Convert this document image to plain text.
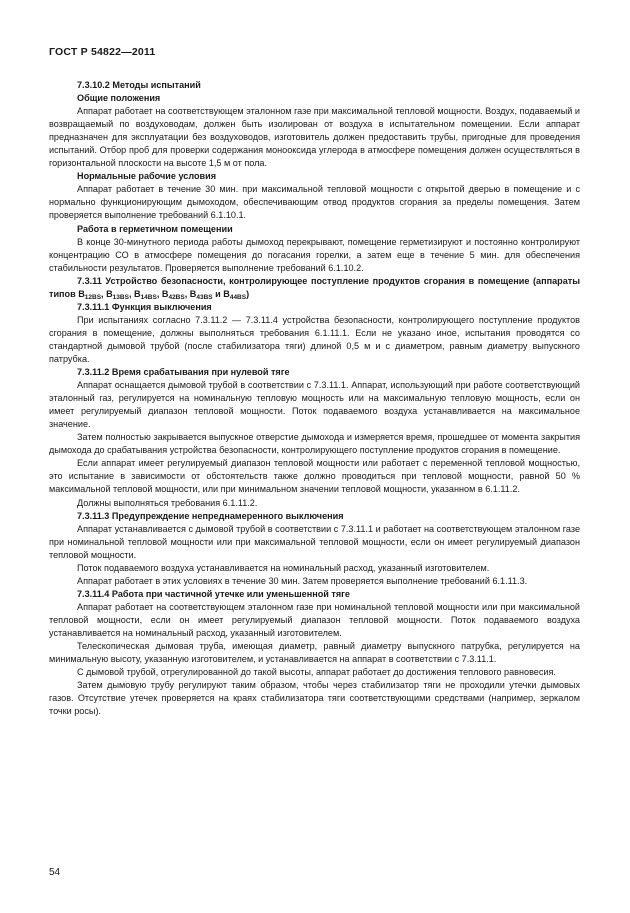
ГОСТ Р 54822—2011

7.3.10.2 Методы испытаний

Общие положения

Аппарат работает на соответствующем эталонном газе при максимальной тепловой мощности. Воздух, подаваемый и возвращаемый по воздуховодам, должен быть изолирован от воздуха в испытательном помещении. Если аппарат предназначен для эксплуатации без воздуховодов, изготовитель должен предоставить трубы, пригодные для проведения испытаний. Отбор проб для проверки содержания моноокcида углерода в атмосфере помещения должен осуществляться в горизонтальной плоскости на высоте 1,5 м от пола.

Нормальные рабочие условия

Аппарат работает в течение 30 мин. при максимальной тепловой мощности с открытой дверью в помещение и с нормально функционирующим дымоходом, обеспечивающим отвод продуктов сгорания за пределы помещения. Затем проверяется выполнение требований 6.1.10.1.

Работа в герметичном помещении

В конце 30-минутного периода работы дымоход перекрывают, помещение герметизируют и постоянно контролируют концентрацию СО в атмосфере помещения до погасания горелки, а затем еще в течение 5 мин. для обеспечения стабильности результатов. Проверяется выполнение требований 6.1.10.2.

7.3.11 Устройство безопасности, контролирующее поступление продуктов сгорания в помещение (аппараты типов $B_{12BS}$, $B_{13BS}$, $B_{14BS}$, $B_{42BS}$, $B_{43BS}$ и $B_{44BS}$)

7.3.11.1 Функция выключения

При испытаниях согласно 7.3.11.2 — 7.3.11.4 устройства безопасности, контролирующего поступление продуктов сгорания в помещение, должны выполняться требования 6.1.11.1. Если не указано иное, испытания проводятся со стандартной дымовой трубой (после стабилизатора тяги) длиной 0,5 м и с диаметром, равным диаметру выпускного патрубка.

7.3.11.2 Время срабатывания при нулевой тяге

Аппарат оснащается дымовой трубой в соответствии с 7.3.11.1. Аппарат, использующий при работе соответствующий эталонный газ, регулируется на номинальную тепловую мощность или на максимальную тепловую мощность, если он имеет регулируемый диапазон тепловой мощности. Поток подаваемого воздуха устанавливается на максимальное значение.

Затем полностью закрывается выпускное отверстие дымохода и измеряется время, прошедшее от момента закрытия дымохода до срабатывания устройства безопасности, контролирующего поступление продуктов сгорания в помещение.

Если аппарат имеет регулируемый диапазон тепловой мощности или работает с переменной тепловой мощностью, это испытание в зависимости от обстоятельств также должно проводиться при тепловой мощности, равной 50 % максимальной тепловой мощности, или при минимальном значении тепловой мощности, указанном в 6.1.11.2.

Должны выполняться требования 6.1.11.2.

7.3.11.3 Предупреждение непреднамеренного выключения

Аппарат устанавливается с дымовой трубой в соответствии с 7.3.11.1 и работает на соответствующем эталонном газе при номинальной тепловой мощности или при максимальной тепловой мощности, если он имеет регулируемый диапазон тепловой мощности.

Поток подаваемого воздуха устанавливается на номинальный расход, указанный изготовителем.

Аппарат работает в этих условиях в течение 30 мин. Затем проверяется выполнение требований 6.1.11.3.

7.3.11.4 Работа при частичной утечке или уменьшенной тяге

Аппарат работает на соответствующем эталонном газе при номинальной тепловой мощности или при максимальной тепловой мощности, если он имеет регулируемый диапазон тепловой мощности. Поток подаваемого воздуха устанавливается на номинальный расход, указанный изготовителем.

Телескопическая дымовая труба, имеющая диаметр, равный диаметру выпускного патрубка, регулируется на минимальную высоту, указанную изготовителем, и устанавливается на аппарат в соответствии с 7.3.11.1.

С дымовой трубой, отрегулированной до такой высоты, аппарат работает до достижения теплового равновесия.

Затем дымовую трубу регулируют таким образом, чтобы через стабилизатор тяги не проходили утечки дымовых газов. Отсутствие утечек проверяется на краях стабилизатора тяги соответствующими средствами (например, зеркалом точки росы).

54
